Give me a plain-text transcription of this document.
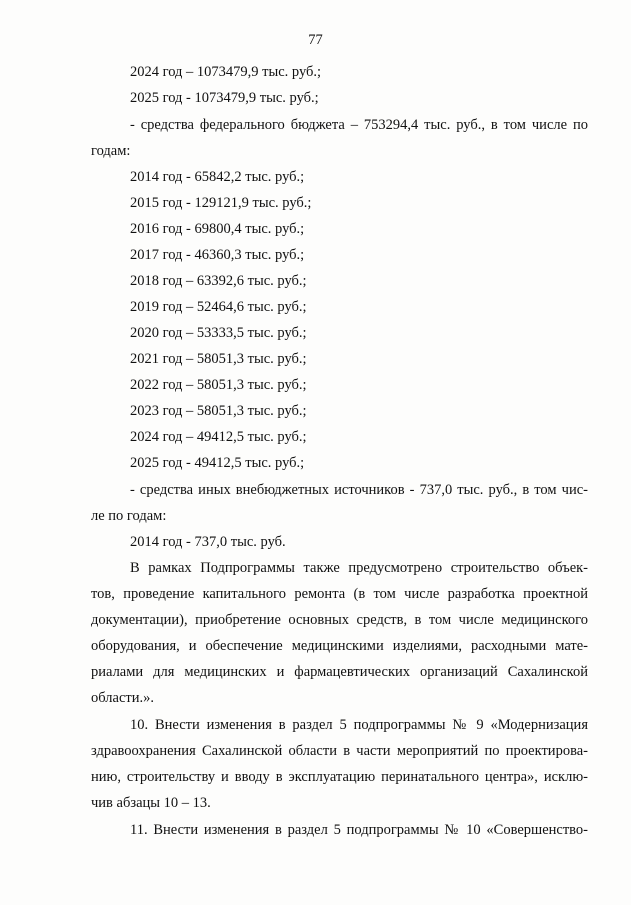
77
2024 год – 1073479,9 тыс. руб.;
2025 год - 1073479,9 тыс. руб.;
- средства федерального бюджета – 753294,4 тыс. руб., в том числе по
годам:
2014 год - 65842,2 тыс. руб.;
2015 год - 129121,9 тыс. руб.;
2016 год - 69800,4 тыс. руб.;
2017 год - 46360,3 тыс. руб.;
2018 год – 63392,6 тыс. руб.;
2019 год – 52464,6 тыс. руб.;
2020 год – 53333,5 тыс. руб.;
2021 год – 58051,3 тыс. руб.;
2022 год – 58051,3 тыс. руб.;
2023 год – 58051,3 тыс. руб.;
2024 год – 49412,5 тыс. руб.;
2025 год - 49412,5 тыс. руб.;
- средства иных внебюджетных источников - 737,0 тыс. руб., в том чис-
ле по годам:
2014 год - 737,0 тыс. руб.
В рамках Подпрограммы также предусмотрено строительство объек-
тов, проведение капитального ремонта (в том числе разработка проектной
документации), приобретение основных средств, в том числе медицинского
оборудования, и обеспечение медицинскими изделиями, расходными мате-
риалами для медицинских и фармацевтических организаций Сахалинской
области.».
10. Внести изменения в раздел 5 подпрограммы № 9 «Модернизация
здравоохранения Сахалинской области в части мероприятий по проектирова-
нию, строительству и вводу в эксплуатацию перинатального центра», исклю-
чив абзацы 10 – 13.
11. Внести изменения в раздел 5 подпрограммы № 10 «Совершенство-
